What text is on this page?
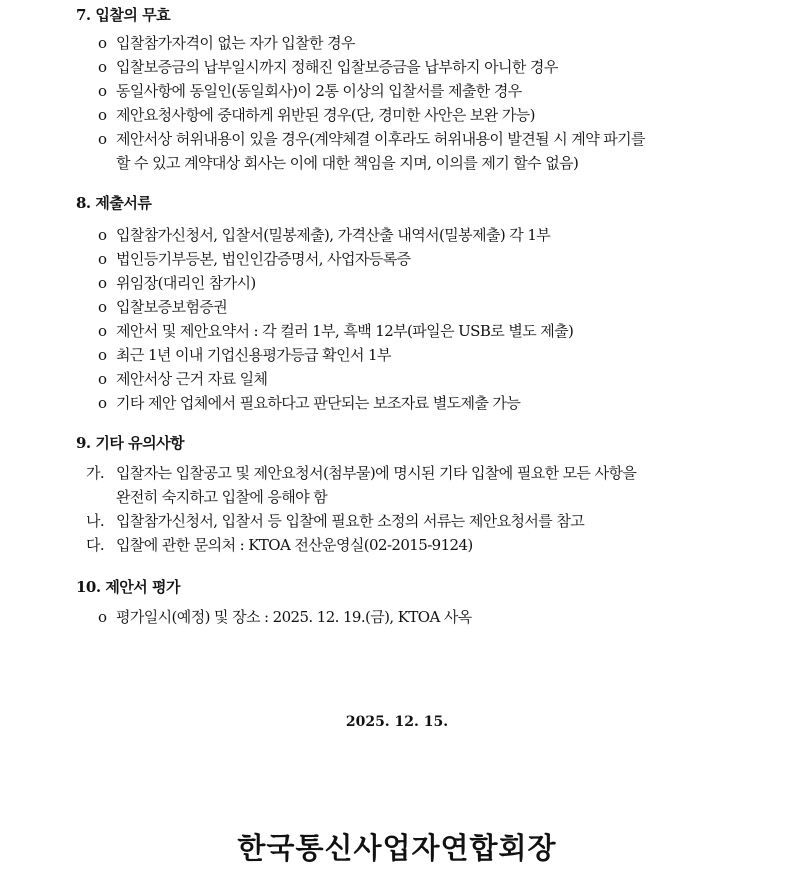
7. 입찰의 무효
o 입찰참가자격이 없는 자가 입찰한 경우
o 입찰보증금의 납부일시까지 정해진 입찰보증금을 납부하지 아니한 경우
o 동일사항에 동일인(동일회사)이 2통 이상의 입찰서를 제출한 경우
o 제안요청사항에 중대하게 위반된 경우(단, 경미한 사안은 보완 가능)
o 제안서상 허위내용이 있을 경우(계약체결 이후라도 허위내용이 발견될 시 계약 파기를
할 수 있고 계약대상 회사는 이에 대한 책임을 지며, 이의를 제기 할수 없음)
8. 제출서류
o 입찰참가신청서, 입찰서(밀봉제출), 가격산출 내역서(밀봉제출) 각 1부
o 법인등기부등본, 법인인감증명서, 사업자등록증
o 위임장(대리인 참가시)
o 입찰보증보험증권
o 제안서 및 제안요약서 : 각 컬러 1부, 흑백 12부(파일은 USB로 별도 제출)
o 최근 1년 이내 기업신용평가등급 확인서 1부
o 제안서상 근거 자료 일체
o 기타 제안 업체에서 필요하다고 판단되는 보조자료 별도제출 가능
9. 기타 유의사항
가. 입찰자는 입찰공고 및 제안요청서(첨부물)에 명시된 기타 입찰에 필요한 모든 사항을
완전히 숙지하고 입찰에 응해야 함
나. 입찰참가신청서, 입찰서 등 입찰에 필요한 소정의 서류는 제안요청서를 참고
다. 입찰에 관한 문의처 : KTOA 전산운영실(02-2015-9124)
10. 제안서 평가
o 평가일시(예정) 및 장소 : 2025. 12. 19.(금), KTOA 사옥
2025. 12. 15.
한국통신사업자연합회장
